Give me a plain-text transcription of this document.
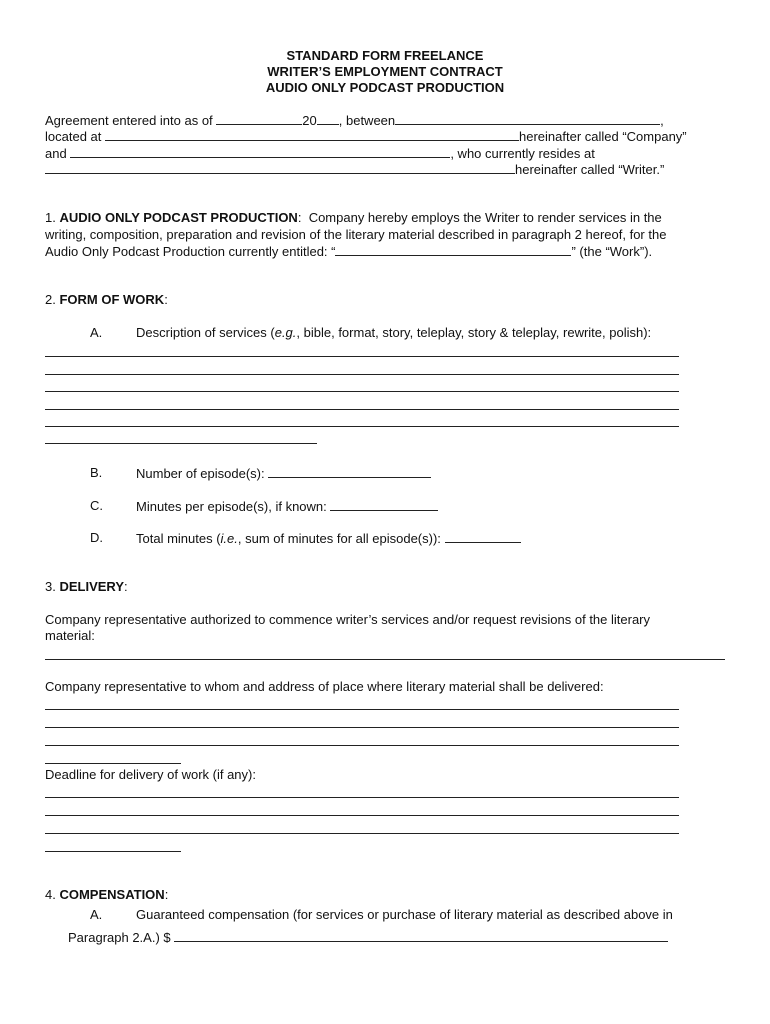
STANDARD FORM FREELANCE
WRITER’S EMPLOYMENT CONTRACT
AUDIO ONLY PODCAST PRODUCTION
Agreement entered into as of	20 , between	,
located at	hereinafter called “Company”
and	, who currently resides at
hereinafter called “Writer.”
1. AUDIO ONLY PODCAST PRODUCTION: Company hereby employs the Writer to render services in the
writing, composition, preparation and revision of the literary material described in paragraph 2 hereof, for the
Audio Only Podcast Production currently entitled: “	” (the “Work”).
2. FORM OF WORK:
A.	Description of services (e.g., bible, format, story, teleplay, story & teleplay, rewrite, polish):
B.	Number of episode(s):
C.	Minutes per episode(s), if known:
D.	Total minutes (i.e., sum of minutes for all episode(s)):
3. DELIVERY:
Company representative authorized to commence writer’s services and/or request revisions of the literary
material:
Company representative to whom and address of place where literary material shall be delivered:
Deadline for delivery of work (if any):
4. COMPENSATION:
A.	Guaranteed compensation (for services or purchase of literary material as described above in
Paragraph 2.A.) $
